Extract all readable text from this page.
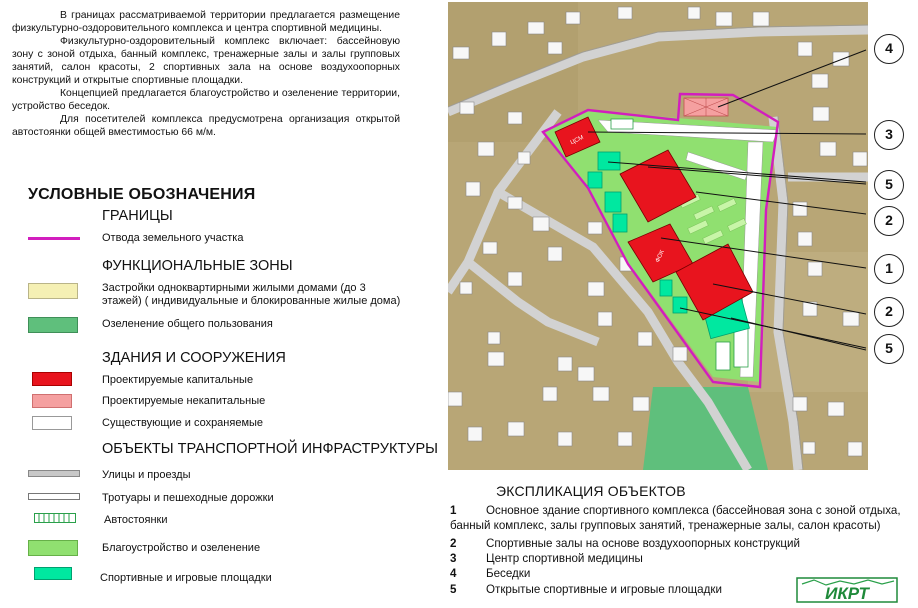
В границах рассматриваемой территории предлагается размещение физкультурно-оздоровительного комплекса и центра спортивной медицины.

Физкультурно-оздоровительный комплекс включает: бассейновую зону с зоной отдыха, банный комплекс, тренажерные залы и залы групповых занятий, салон красоты, 2 спортивных зала на основе воздухоопорных конструкций и открытые спортивные площадки.

Концепцией предлагается благоустройство и озеленение территории, устройство беседок.

Для посетителей комплекса предусмотрена организация открытой автостоянки общей вместимостью 66 м/м.

УСЛОВНЫЕ ОБОЗНАЧЕНИЯ
ГРАНИЦЫ
Отвода земельного участка
ФУНКЦИОНАЛЬНЫЕ ЗОНЫ
Застройки одноквартирными жилыми домами (до 3 этажей) ( индивидуальные и блокированные жилые дома)
Озеленение общего пользования
ЗДАНИЯ И СООРУЖЕНИЯ
Проектируемые капитальные
Проектируемые некапитальные
Существующие и сохраняемые
ОБЪЕКТЫ ТРАНСПОРТНОЙ ИНФРАСТРУКТУРЫ
Улицы и проезды
Тротуары и пешеходные дорожки
Автостоянки
Благоустройство и озеленение
Спортивные и игровые площадки
ЦСМ
ФОК
4
3
5
2
1
2
5
ЭКСПЛИКАЦИЯ ОБЪЕКТОВ
1	Основное здание спортивного комплекса (бассейновая зона с зоной отдыха,
банный комплекс, залы групповых занятий, тренажерные залы, салон красоты)
2	Спортивные залы на основе воздухоопорных конструкций
3	Центр спортивной медицины
4	Беседки
5	Открытые спортивные и игровые площадки	ИКРТ
